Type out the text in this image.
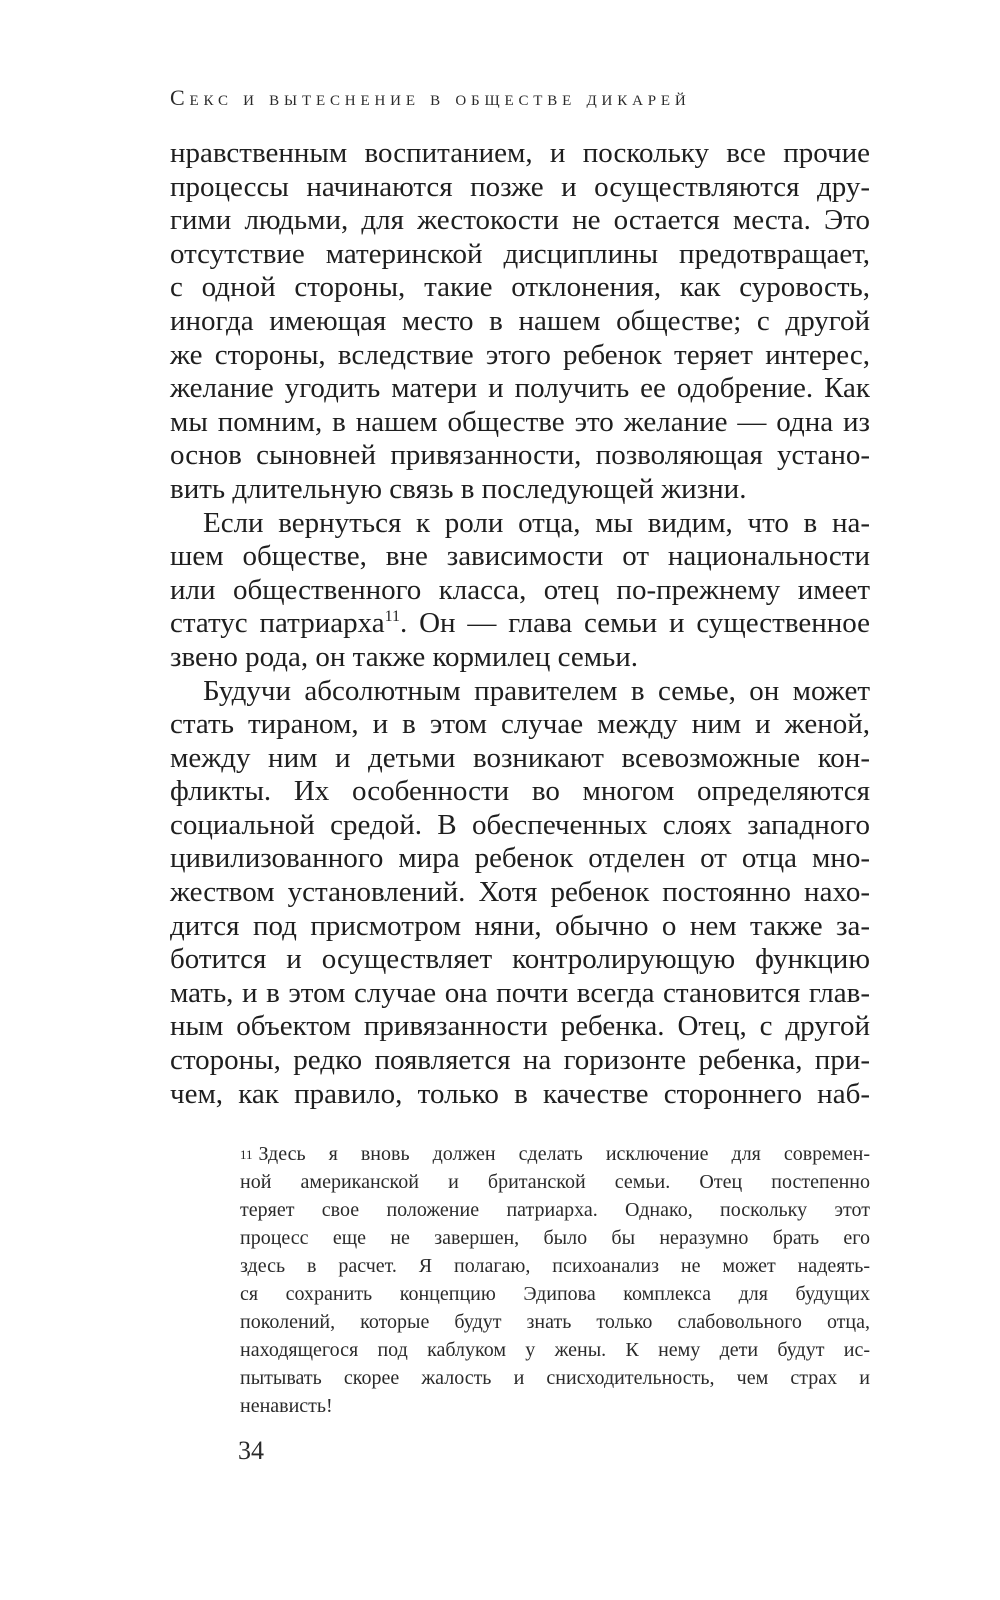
Секс и вытеснение в обществе дикарей
нравственным воспитанием, и поскольку все прочие
процессы начинаются позже и осуществляются дру-
гими людьми, для жестокости не остается места. Это
отсутствие материнской дисциплины предотвращает,
с одной стороны, такие отклонения, как суровость,
иногда имеющая место в нашем обществе; с другой
же стороны, вследствие этого ребенок теряет интерес,
желание угодить матери и получить ее одобрение. Как
мы помним, в нашем обществе это желание — одна из
основ сыновней привязанности, позволяющая устано-
вить длительную связь в последующей жизни.
Если вернуться к роли отца, мы видим, что в на-
шем обществе, вне зависимости от национальности
или общественного класса, отец по-прежнему имеет
статус патриарха$^{11}$. Он — глава семьи и существенное
звено рода, он также кормилец семьи.
Будучи абсолютным правителем в семье, он может
стать тираном, и в этом случае между ним и женой,
между ним и детьми возникают всевозможные кон-
фликты. Их особенности во многом определяются
социальной средой. В обеспеченных слоях западного
цивилизованного мира ребенок отделен от отца мно-
жеством установлений. Хотя ребенок постоянно нахо-
дится под присмотром няни, обычно о нем также за-
ботится и осуществляет контролирующую функцию
мать, и в этом случае она почти всегда становится глав-
ным объектом привязанности ребенка. Отец, с другой
стороны, редко появляется на горизонте ребенка, при-
чем, как правило, только в качестве стороннего наб-
$^{11}$ Здесь я вновь должен сделать исключение для современ-
ной американской и британской семьи. Отец постепенно
теряет свое положение патриарха. Однако, поскольку этот
процесс еще не завершен, было бы неразумно брать его
здесь в расчет. Я полагаю, психоанализ не может надеять-
ся сохранить концепцию Эдипова комплекса для будущих
поколений, которые будут знать только слабовольного отца,
находящегося под каблуком у жены. К нему дети будут ис-
пытывать скорее жалость и снисходительность, чем страх и
ненависть!
34
